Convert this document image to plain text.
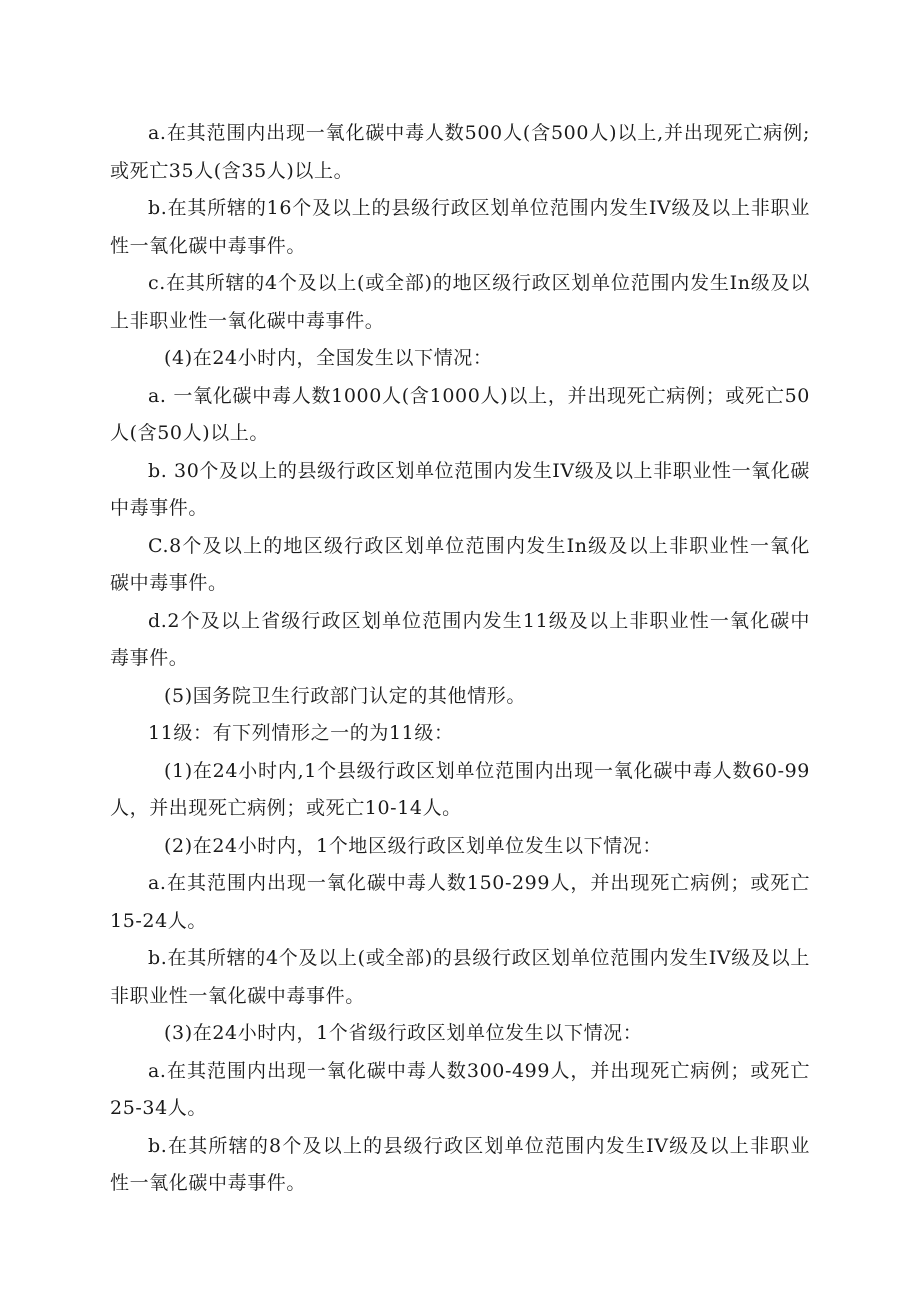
a.在其范围内出现一氧化碳中毒人数500人(含500人)以上,并出现死亡病例;或死亡35人(含35人)以上。

b.在其所辖的16个及以上的县级行政区划单位范围内发生IV级及以上非职业性一氧化碳中毒事件。

c.在其所辖的4个及以上(或全部)的地区级行政区划单位范围内发生In级及以上非职业性一氧化碳中毒事件。

(4)在24小时内，全国发生以下情况：

a. 一氧化碳中毒人数1000人(含1000人)以上，并出现死亡病例；或死亡50人(含50人)以上。

b. 30个及以上的县级行政区划单位范围内发生IV级及以上非职业性一氧化碳中毒事件。

C.8个及以上的地区级行政区划单位范围内发生In级及以上非职业性一氧化碳中毒事件。

d.2个及以上省级行政区划单位范围内发生11级及以上非职业性一氧化碳中毒事件。

(5)国务院卫生行政部门认定的其他情形。

11级：有下列情形之一的为11级：

(1)在24小时内,1个县级行政区划单位范围内出现一氧化碳中毒人数60-99人，并出现死亡病例；或死亡10-14人。

(2)在24小时内，1个地区级行政区划单位发生以下情况：

a.在其范围内出现一氧化碳中毒人数150-299人，并出现死亡病例；或死亡15-24人。

b.在其所辖的4个及以上(或全部)的县级行政区划单位范围内发生IV级及以上非职业性一氧化碳中毒事件。

(3)在24小时内，1个省级行政区划单位发生以下情况：

a.在其范围内出现一氧化碳中毒人数300-499人，并出现死亡病例；或死亡25-34人。

b.在其所辖的8个及以上的县级行政区划单位范围内发生IV级及以上非职业性一氧化碳中毒事件。
